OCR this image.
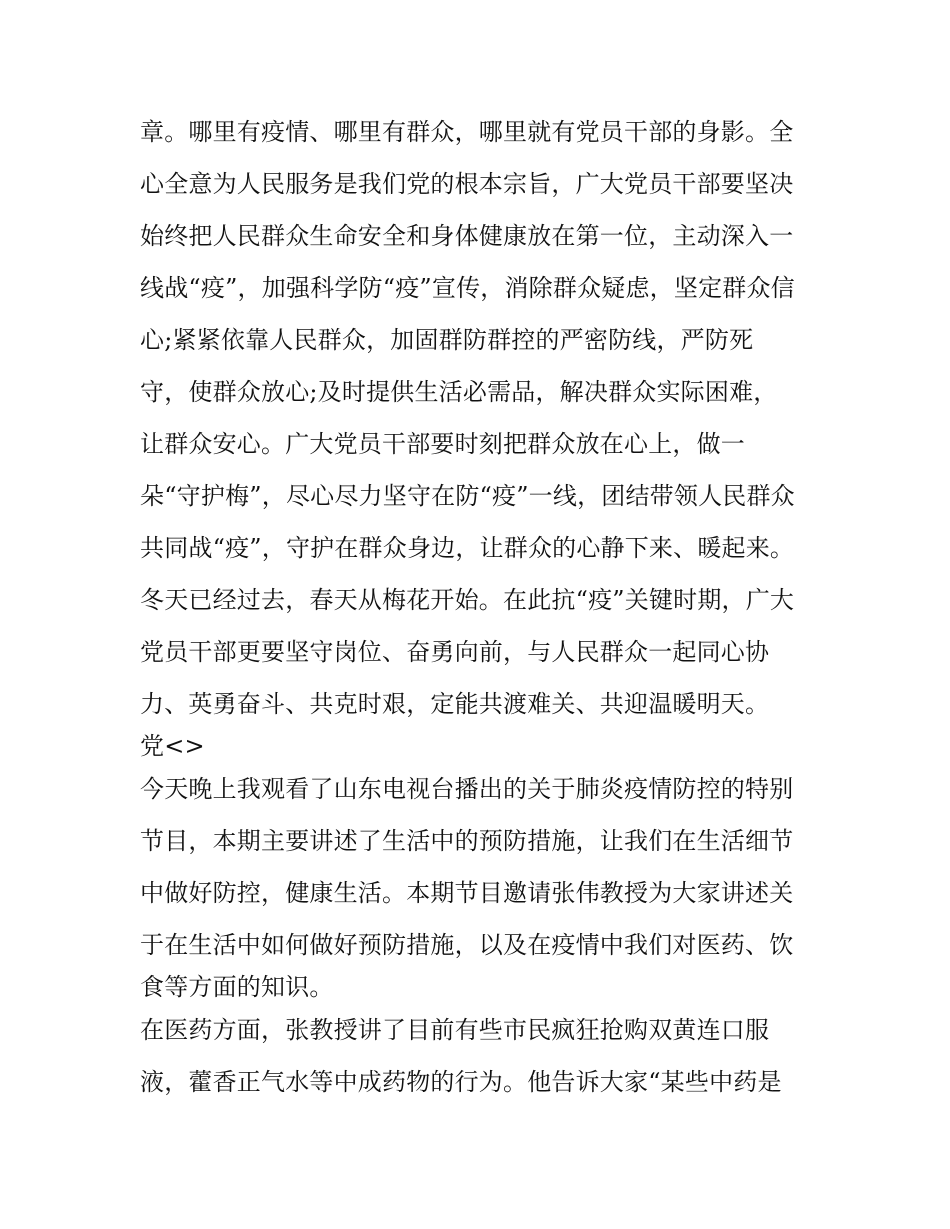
章。哪里有疫情、哪里有群众，哪里就有党员干部的身影。全
心全意为人民服务是我们党的根本宗旨，广大党员干部要坚决
始终把人民群众生命安全和身体健康放在第一位，主动深入一
线战“疫”，加强科学防“疫”宣传，消除群众疑虑，坚定群众信
心;紧紧依靠人民群众，加固群防群控的严密防线，严防死
守，使群众放心;及时提供生活必需品，解决群众实际困难，
让群众安心。广大党员干部要时刻把群众放在心上，做一
朵“守护梅”，尽心尽力坚守在防“疫”一线，团结带领人民群众
共同战“疫”，守护在群众身边，让群众的心静下来、暖起来。
冬天已经过去，春天从梅花开始。在此抗“疫”关键时期，广大
党员干部更要坚守岗位、奋勇向前，与人民群众一起同心协
力、英勇奋斗、共克时艰，定能共渡难关、共迎温暖明天。
党<>
今天晚上我观看了山东电视台播出的关于肺炎疫情防控的特别
节目，本期主要讲述了生活中的预防措施，让我们在生活细节
中做好防控，健康生活。本期节目邀请张伟教授为大家讲述关
于在生活中如何做好预防措施，以及在疫情中我们对医药、饮
食等方面的知识。
在医药方面，张教授讲了目前有些市民疯狂抢购双黄连口服
液，藿香正气水等中成药物的行为。他告诉大家“某些中药是
